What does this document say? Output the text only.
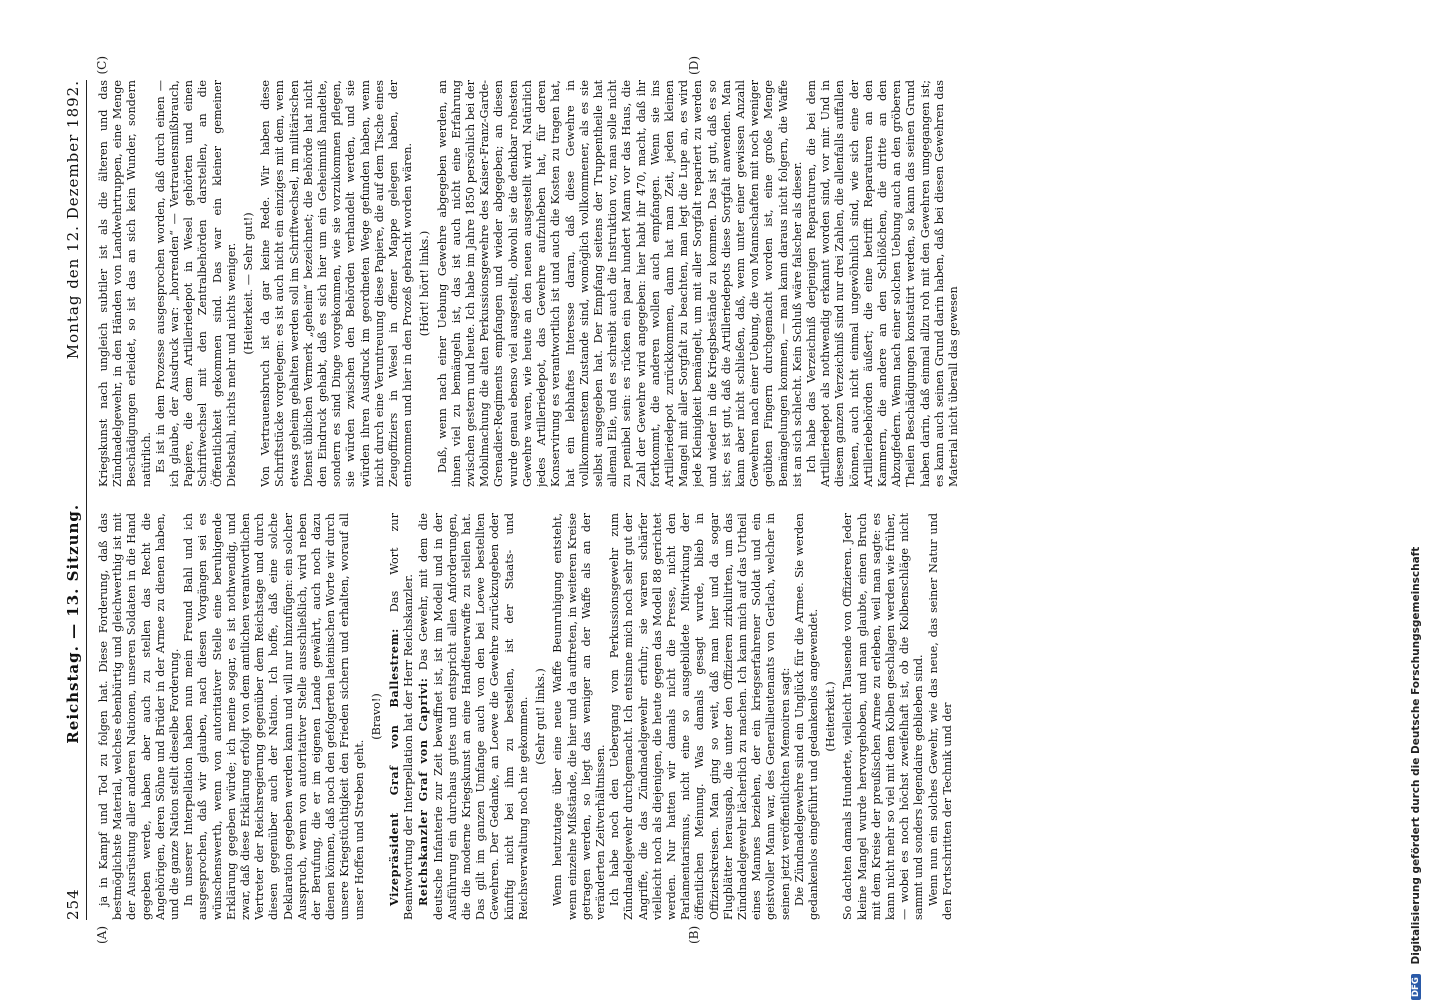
254
Reichstag. — 13. Sitzung.
Montag den 12. Dezember 1892.
(A)	(B)
(C)	(D)

ja in Kampf und Tod zu folgen hat. Diese Forderung, daß das bestmöglichste Material, welches ebenbürtig und gleichwerthig ist mit der Ausrüstung aller anderen Nationen, unseren Soldaten in die Hand gegeben werde, haben aber auch zu stellen das Recht die Angehörigen, deren Söhne und Brüder in der Armee zu dienen haben, und die ganze Nation stellt dieselbe Forderung. In unserer Interpellation haben nun mein Freund Bahl und ich ausgesprochen, daß wir glauben, nach diesen Vorgängen sei es wünschenswerth, wenn von autoritativer Stelle eine beruhigende Erklärung gegeben würde; ich meine sogar, es ist nothwendig, und zwar, daß diese Erklärung erfolgt von dem amtlichen verantwortlichen Vertreter der Reichsregierung gegenüber dem Reichstage und durch diesen gegenüber auch der Nation. Ich hoffe, daß eine solche Deklaration gegeben werden kann und will nur hinzufügen: ein solcher Ausspruch, wenn von autoritativer Stelle ausschließlich, wird neben der Berufung, die er im eigenen Lande gewährt, auch noch dazu dienen können, daß noch den gefolgerten lateinischen Worte wir durch unsere Kriegstüchtigkeit den Frieden sichern und erhalten, worauf all unser Hoffen und Streben geht.

(Bravo!) Vizepräsident Graf von Ballestrem: Das Wort zur Beantwortung der Interpellation hat der Herr Reichskanzler. Reichskanzler Graf von Caprivi: Das Gewehr, mit dem die deutsche Infanterie zur Zeit bewaffnet ist, ist im Modell und in der Ausführung ein durchaus gutes und entspricht allen Anforderungen, die die moderne Kriegskunst an eine Handfeuerwaffe zu stellen hat. Das gilt im ganzen Umfange auch von den bei Loewe bestellten Gewehren. Der Gedanke, an Loewe die Gewehre zurückzugeben oder künftig nicht bei ihm zu bestellen, ist der Staats- und Reichsverwaltung noch nie gekommen. (Sehr gut! links.) Wenn heutzutage über eine neue Waffe Beunruhigung entsteht, wenn einzelne Mißstände, die hier und da auftreten, in weiteren Kreise getragen werden, so liegt das weniger an der Waffe als an der veränderten Zeitverhältnissen. Ich habe noch den Uebergang vom Perkussionsgewehr zum Zündnadelgewehr durchgemacht. Ich entsinne mich noch sehr gut der Angriffe, die das Zündnadelgewehr erfuhr; sie waren schärfer vielleicht noch als diejenigen, die heute gegen das Modell 88 gerichtet werden. Nur hatten wir damals nicht die Presse, nicht den Parlamentarismus, nicht eine so ausgebildete Mitwirkung der öffentlichen Meinung. Was damals gesagt wurde, blieb in Offizierskreisen. Man ging so weit, daß man hier und da sogar Flugblätter herausgab, die unter den Offizieren zirkulirten, um das Zündnadelgewehr lächerlich zu machen. Ich kann mich auf das Urtheil eines Mannes beziehen, der ein kriegserfahrener Soldat und ein geistvoller Mann war, des Generallieutenants von Gerlach, welcher in seinen jetzt veröffentlichten Memoiren sagt: Die Zündnadelgewehre sind ein Unglück für die Armee. Sie werden gedankenlos eingeführt und gedankenlos angewendet. (Heiterkeit.) So dachten damals Hunderte, vielleicht Tausende von Offizieren. Jeder kleine Mangel wurde hervorgehoben, und man glaubte, einen Bruch mit dem Kreise der preußischen Armee zu erleben, weil man sagte: es kann nicht mehr so viel mit dem Kolben geschlagen werden wie früher, — wobei es noch höchst zweifelhaft ist, ob die Kolbenschläge nicht sammt und sonders legendaire geblieben sind. Wenn nun ein solches Gewehr, wie das neue, das seiner Natur und den Fortschritten der Technik und der

Kriegskunst nach ungleich subtiler ist als die älteren und das Zündnadelgewehr, in den Händen von Landwehrtruppen, eine Menge Beschädigungen erleidet, so ist das an sich kein Wunder, sondern natürlich. Es ist in dem Prozesse ausgesprochen worden, daß durch einen — ich glaube, der Ausdruck war: „horrenden“ — Vertrauensmißbrauch, Papiere, die dem Artilleriedepot in Wesel gehörten und einen Schriftwechsel mit den Zentralbehörden darstellen, an die Öffentlichkeit gekommen sind. Das war ein kleiner gemeiner Diebstahl, nichts mehr und nichts weniger. (Heiterkeit. — Sehr gut!) Von Vertrauensbruch ist da gar keine Rede. Wir haben diese Schriftstücke vorgelegen: es ist auch nicht ein einziges mit dem, wenn etwas geheim gehalten werden soll im Schriftwechsel, im militärischen Dienst üblichen Vermerk „geheim“ bezeichnet; die Behörde hat nicht den Eindruck gehabt, daß es sich hier um ein Geheimniß handelte, sondern es sind Dinge vorgekommen, wie sie vorzukommen pflegen, sie würden zwischen den Behörden verhandelt werden, und sie würden ihren Ausdruck im geordneten Wege gefunden haben, wenn nicht durch eine Veruntreuung diese Papiere, die auf dem Tische eines Zeugoffiziers in Wesel in offener Mappe gelegen haben, der entnommen und hier in den Prozeß gebracht worden wären. (Hört! hört! links.) Daß, wenn nach einer Uebung Gewehre abgegeben werden, an ihnen viel zu bemängeln ist, das ist auch nicht eine Erfahrung zwischen gestern und heute. Ich habe im Jahre 1850 persönlich bei der Mobilmachung die alten Perkussionsgewehre des Kaiser-Franz-Garde-Grenadier-Regiments empfangen und wieder abgegeben; an diesen wurde genau ebenso viel ausgestellt, obwohl sie die denkbar rohesten Gewehre waren, wie heute an den neuen ausgestellt wird. Natürlich jedes Artilleriedepot, das Gewehre aufzuheben hat, für deren Konservirung es verantwortlich ist und auch die Kosten zu tragen hat, hat ein lebhaftes Interesse daran, daß diese Gewehre in vollkommenstem Zustande sind, womöglich vollkommener, als es sie selbst ausgegeben hat. Der Empfang seitens der Truppentheile hat allemal Eile, und es schreibt auch die Instruktion vor, man solle nicht zu penibel sein: es rücken ein paar hundert Mann vor das Haus, die Zahl der Gewehre wird angegeben: hier habt ihr 470, macht, daß ihr fortkommt, die anderen wollen auch empfangen. Wenn sie ins Artilleriedepot zurückkommen, dann hat man Zeit, jeden kleinen Mangel mit aller Sorgfalt zu beachten, man legt die Lupe an, es wird jede Kleinigkeit bemängelt, um mit aller Sorgfalt repariert zu werden und wieder in die Kriegsbestände zu kommen. Das ist gut, daß es so ist; es ist gut, daß die Artilleriedepots diese Sorgfalt anwenden. Man kann aber nicht schließen, daß, wenn unter einer gewissen Anzahl Gewehren nach einer Uebung, die von Mannschaften mit noch weniger geübten Fingern durchgemacht worden ist, eine große Menge Bemängelungen kommen, — man kann daraus nicht folgern, die Waffe ist an sich schlecht. Kein Schluß wäre falscher als dieser. Ich habe das Verzeichniß derjenigen Reparaturen, die bei dem Artilleriedepot als nothwendig erkannt worden sind, vor mir. Und in diesem ganzen Verzeichniß sind nur drei Zahlen, die allenfalls auffallen können, auch nicht einmal ungewöhnlich sind, wie sich eine der Artilleriebehörden äußert; die eine betrifft Reparaturen an den Kammern, die andere an den Schlößchen, die dritte an den Abzugfedern. Wenn nach einer solchen Uebung auch an den gröberen Theilen Beschädigungen konstatirt werden, so kann das seinen Grund haben darin, daß einmal allzu roh mit den Gewehren umgegangen ist; es kann auch seinen Grund darin haben, daß bei diesen Gewehren das Material nicht überall das gewesen

DFG Digitalisierung gefördert durch die Deutsche Forschungsgemeinschaft
